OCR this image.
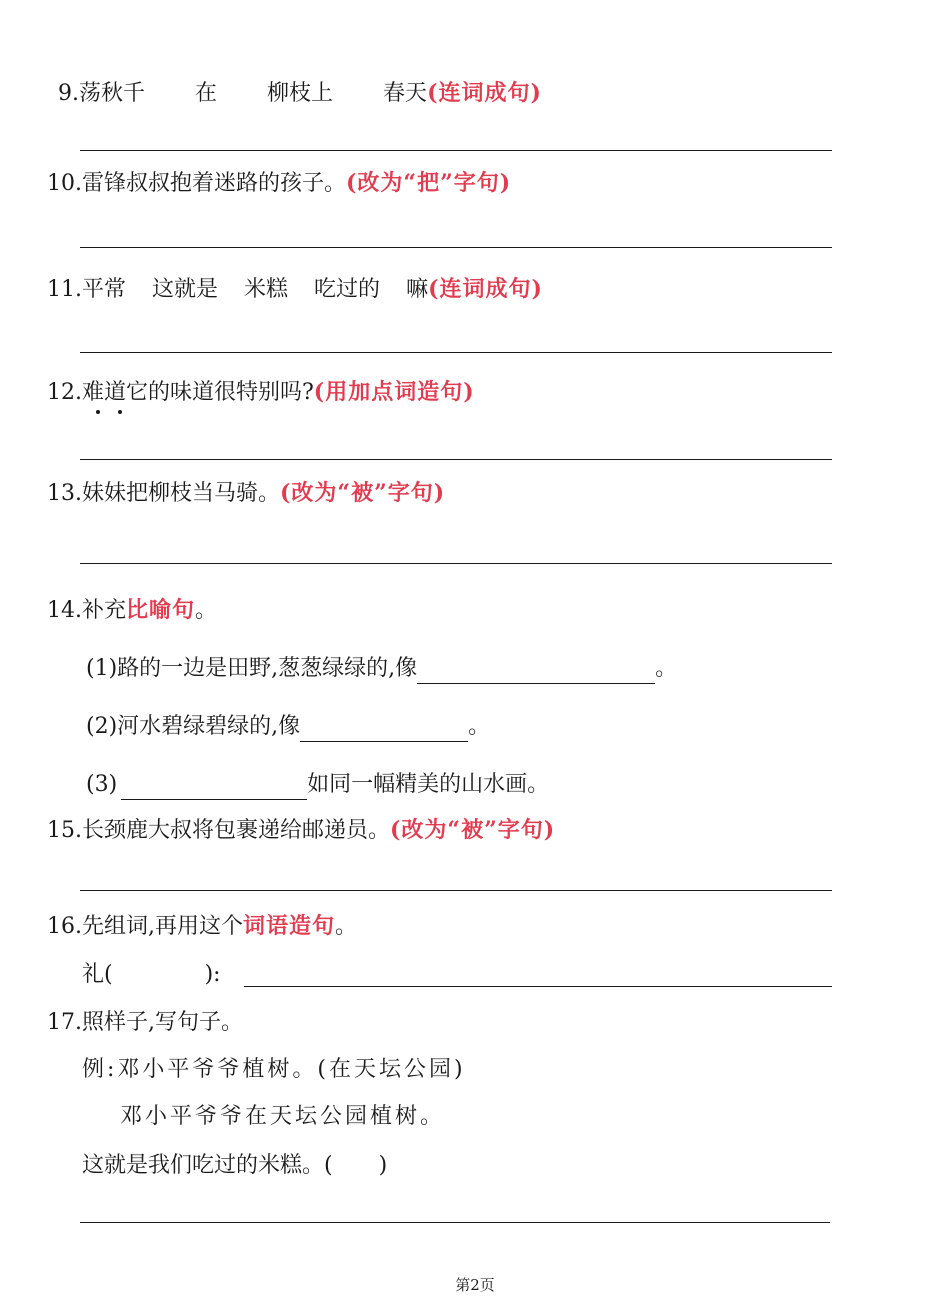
9.荡秋千 在 柳枝上 春天(连词成句)
10.雷锋叔叔抱着迷路的孩子。(改为“把”字句)
11.平常 这就是 米糕 吃过的 嘛(连词成句)
12.难道它的味道很特别吗?(用加点词造句)
13.妹妹把柳枝当马骑。(改为“被”字句)
14.补充比喻句。
(1)路的一边是田野,葱葱绿绿的,像	。
(2)河水碧绿碧绿的,像	。
(3)	如同一幅精美的山水画。
15.长颈鹿大叔将包裹递给邮递员。(改为“被”字句)
16.先组词,再用这个词语造句。
礼(	):
17.照样子,写句子。
例:邓小平爷爷植树。(在天坛公园)
邓小平爷爷在天坛公园植树。
这就是我们吃过的米糕。( )
第2页
